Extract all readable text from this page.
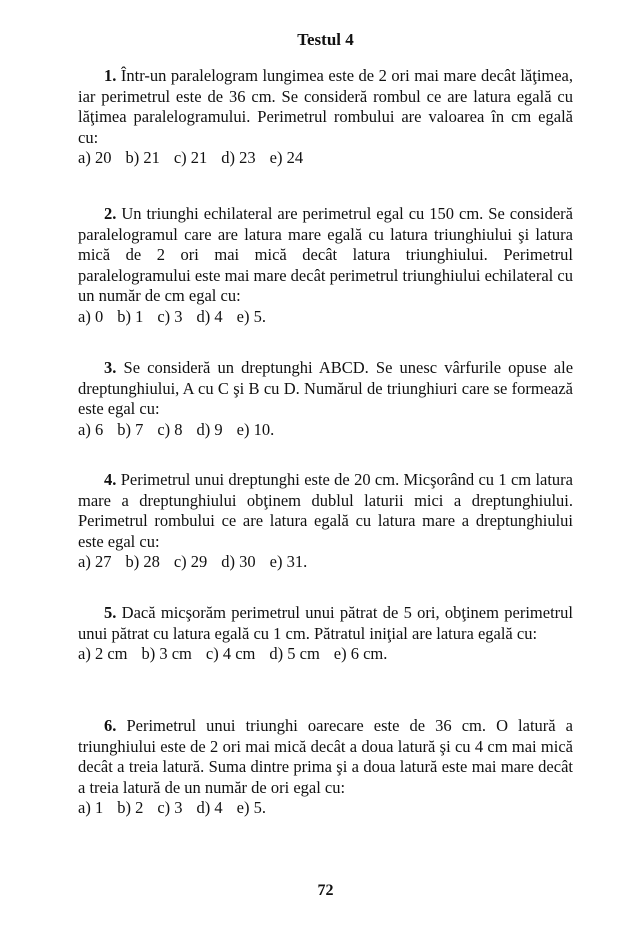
Testul 4

1. Într-un paralelogram lungimea este de 2 ori mai mare decât lăţimea, iar perimetrul este de 36 cm. Se consideră rombul ce are latura egală cu lăţimea paralelogramului. Perimetrul rombului are valoarea în cm egală cu:

a) 20 b) 21 c) 21 d) 23 e) 24

2. Un triunghi echilateral are perimetrul egal cu 150 cm. Se consideră paralelogramul care are latura mare egală cu latura triunghiului şi latura mică de 2 ori mai mică decât latura triunghiului. Perimetrul paralelogramului este mai mare decât perimetrul triunghiului echilateral cu un număr de cm egal cu:

a) 0 b) 1 c) 3 d) 4 e) 5.

3. Se consideră un dreptunghi ABCD. Se unesc vârfurile opuse ale dreptunghiului, A cu C şi B cu D. Numărul de triunghiuri care se formează este egal cu:

a) 6 b) 7 c) 8 d) 9 e) 10.

4. Perimetrul unui dreptunghi este de 20 cm. Micşorând cu 1 cm latura mare a dreptunghiului obţinem dublul laturii mici a dreptunghiului. Perimetrul rombului ce are latura egală cu latura mare a dreptunghiului este egal cu:

a) 27 b) 28 c) 29 d) 30 e) 31.

5. Dacă micşorăm perimetrul unui pătrat de 5 ori, obţinem perimetrul unui pătrat cu latura egală cu 1 cm. Pătratul iniţial are latura egală cu:

a) 2 cm b) 3 cm c) 4 cm d) 5 cm e) 6 cm.

6. Perimetrul unui triunghi oarecare este de 36 cm. O latură a triunghiului este de 2 ori mai mică decât a doua latură şi cu 4 cm mai mică decât a treia latură. Suma dintre prima şi a doua latură este mai mare decât a treia latură de un număr de ori egal cu:

a) 1 b) 2 c) 3 d) 4 e) 5.
72
